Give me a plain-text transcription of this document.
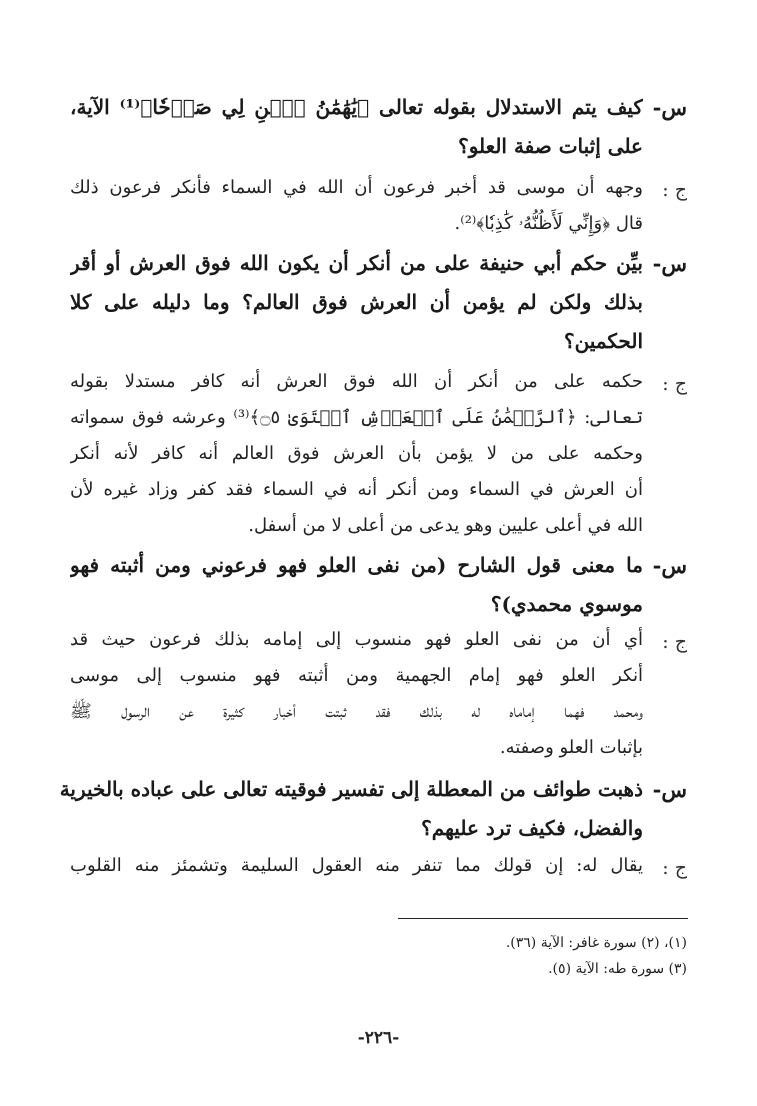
س-
كيف يتم الاستدلال بقوله تعالى ﴿يَٰهَٰمَٰنُ ٱبۡنِ لِي صَرۡحٗا﴾⁽¹⁾ الآية،
على إثبات صفة العلو؟
ج :
وجهه أن موسى قد أخبر فرعون أن الله في السماء فأنكر فرعون ذلك
قال ﴿وَإِنِّي لَأَظُنُّهُۥ كَٰذِبٗا﴾⁽²⁾.
س-
بيِّن حكم أبي حنيفة على من أنكر أن يكون الله فوق العرش أو أقر
بذلك ولكن لم يؤمن أن العرش فوق العالم؟ وما دليله على كلا
الحكمين؟
ج :
حكمه على من أنكر أن الله فوق العرش أنه كافر مستدلا بقوله
تعالى: ﴿ٱلرَّحۡمَٰنُ عَلَى ٱلۡعَرۡشِ ٱسۡتَوَىٰ ۝٥﴾⁽³⁾ وعرشه فوق سمواته
وحكمه على من لا يؤمن بأن العرش فوق العالم أنه كافر لأنه أنكر
أن العرش في السماء ومن أنكر أنه في السماء فقد كفر وزاد غيره لأن
الله في أعلى عليين وهو يدعى من أعلى لا من أسفل.
س-
ما معنى قول الشارح (من نفى العلو فهو فرعوني ومن أثبته فهو
موسوي محمدي)؟
ج :
أي أن من نفى العلو فهو منسوب إلى إمامه بذلك فرعون حيث قد
أنكر العلو فهو إمام الجهمية ومن أثبته فهو منسوب إلى موسى
ومحمد فهما إماماه له بذلك فقد ثبتت أخبار كثيرة عن الرسول ﷺ
بإثبات العلو وصفته.
س-
ذهبت طوائف من المعطلة إلى تفسير فوقيته تعالى على عباده بالخيرية
والفضل، فكيف ترد عليهم؟
ج :
يقال له: إن قولك مما تنفر منه العقول السليمة وتشمئز منه القلوب
(١)، (٢) سورة غافر: الآية (٣٦).
(٣) سورة طه: الآية (٥).
-٢٢٦-
